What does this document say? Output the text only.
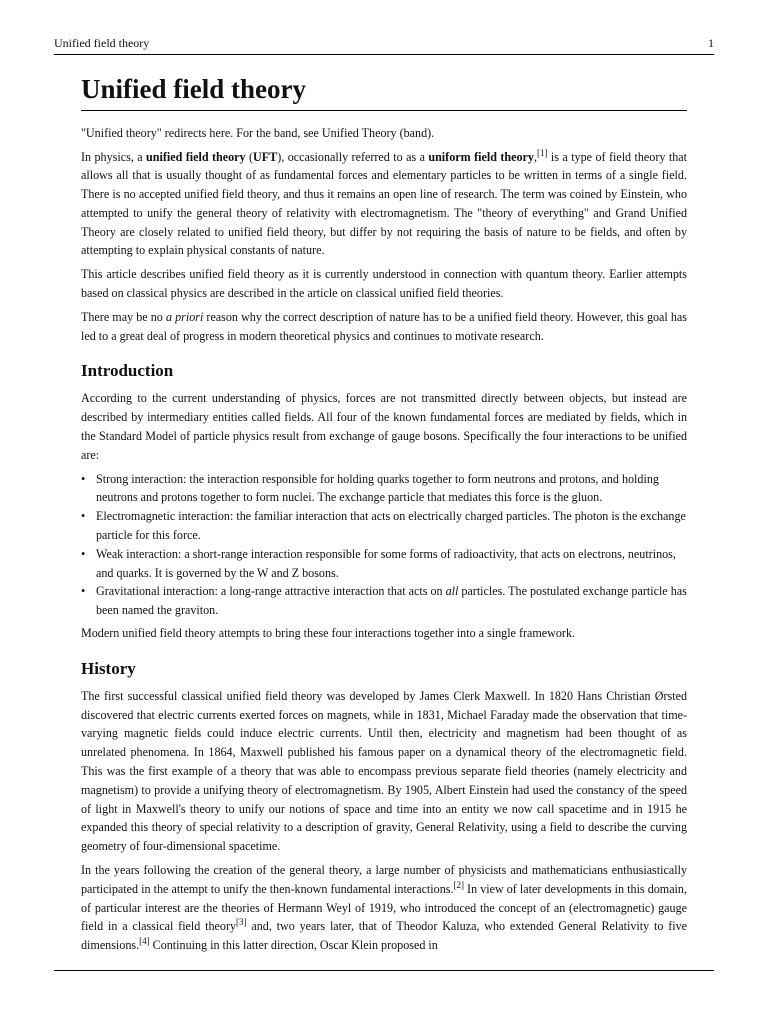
Unified field theory	1
Unified field theory
"Unified theory" redirects here. For the band, see Unified Theory (band).

In physics, a unified field theory (UFT), occasionally referred to as a uniform field theory,[1] is a type of field theory that allows all that is usually thought of as fundamental forces and elementary particles to be written in terms of a single field. There is no accepted unified field theory, and thus it remains an open line of research. The term was coined by Einstein, who attempted to unify the general theory of relativity with electromagnetism. The "theory of everything" and Grand Unified Theory are closely related to unified field theory, but differ by not requiring the basis of nature to be fields, and often by attempting to explain physical constants of nature.

This article describes unified field theory as it is currently understood in connection with quantum theory. Earlier attempts based on classical physics are described in the article on classical unified field theories.

There may be no a priori reason why the correct description of nature has to be a unified field theory. However, this goal has led to a great deal of progress in modern theoretical physics and continues to motivate research.

Introduction

According to the current understanding of physics, forces are not transmitted directly between objects, but instead are described by intermediary entities called fields. All four of the known fundamental forces are mediated by fields, which in the Standard Model of particle physics result from exchange of gauge bosons. Specifically the four interactions to be unified are:

• Strong interaction: the interaction responsible for holding quarks together to form neutrons and protons, and holding neutrons and protons together to form nuclei. The exchange particle that mediates this force is the gluon.
• Electromagnetic interaction: the familiar interaction that acts on electrically charged particles. The photon is the exchange particle for this force.
• Weak interaction: a short-range interaction responsible for some forms of radioactivity, that acts on electrons, neutrinos, and quarks. It is governed by the W and Z bosons.
• Gravitational interaction: a long-range attractive interaction that acts on all particles. The postulated exchange particle has been named the graviton.

Modern unified field theory attempts to bring these four interactions together into a single framework.

History

The first successful classical unified field theory was developed by James Clerk Maxwell. In 1820 Hans Christian Ørsted discovered that electric currents exerted forces on magnets, while in 1831, Michael Faraday made the observation that time-varying magnetic fields could induce electric currents. Until then, electricity and magnetism had been thought of as unrelated phenomena. In 1864, Maxwell published his famous paper on a dynamical theory of the electromagnetic field. This was the first example of a theory that was able to encompass previous separate field theories (namely electricity and magnetism) to provide a unifying theory of electromagnetism. By 1905, Albert Einstein had used the constancy of the speed of light in Maxwell's theory to unify our notions of space and time into an entity we now call spacetime and in 1915 he expanded this theory of special relativity to a description of gravity, General Relativity, using a field to describe the curving geometry of four-dimensional spacetime.

In the years following the creation of the general theory, a large number of physicists and mathematicians enthusiastically participated in the attempt to unify the then-known fundamental interactions.[2] In view of later developments in this domain, of particular interest are the theories of Hermann Weyl of 1919, who introduced the concept of an (electromagnetic) gauge field in a classical field theory[3] and, two years later, that of Theodor Kaluza, who extended General Relativity to five dimensions.[4] Continuing in this latter direction, Oscar Klein proposed in
